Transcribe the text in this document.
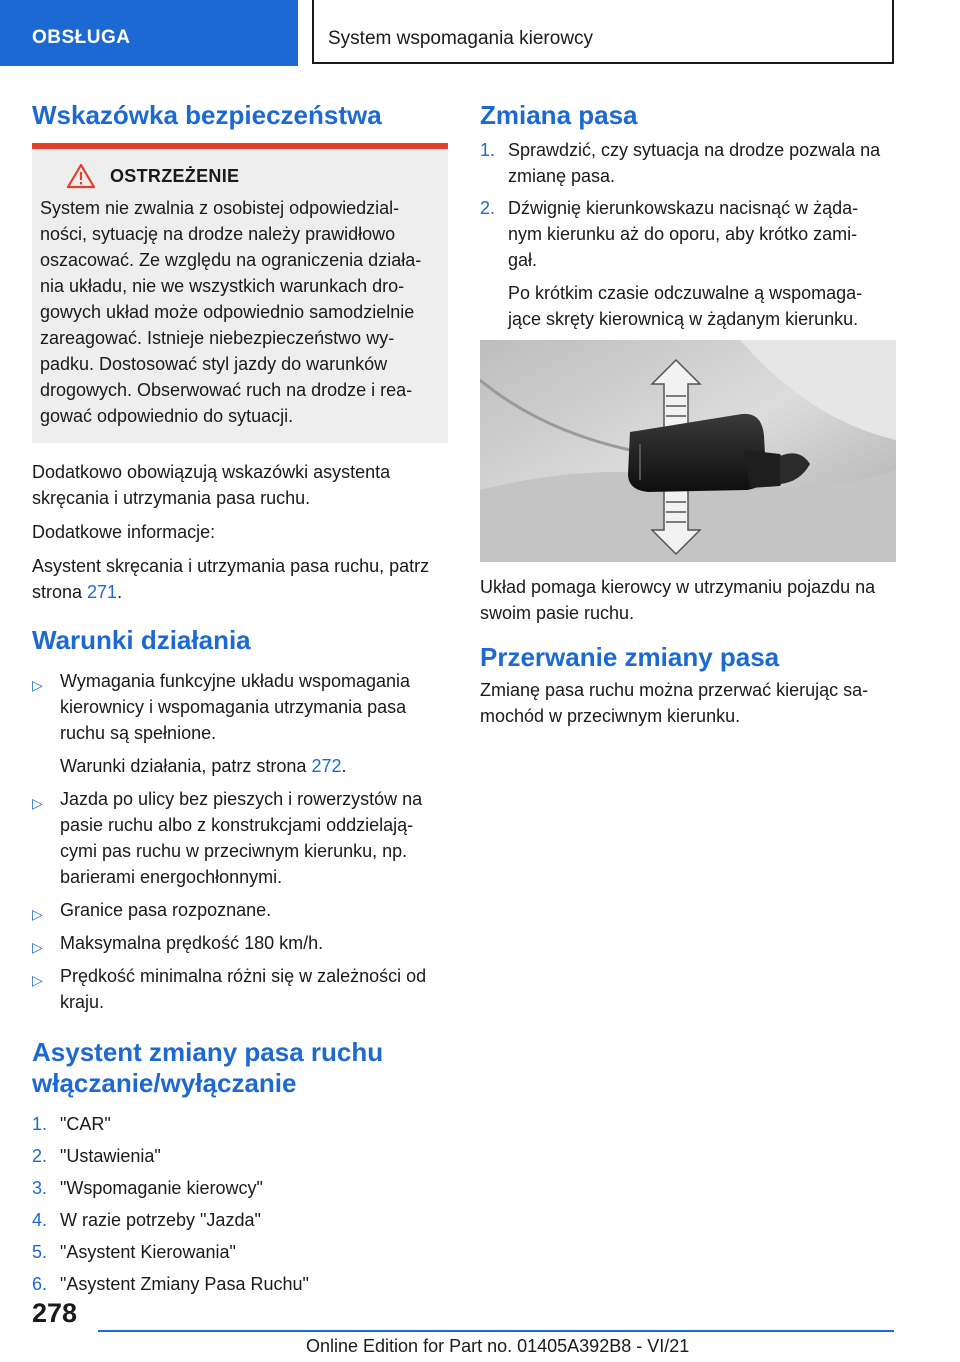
OBSŁUGA	System wspomagania kierowcy
Wskazówka bezpieczeństwa
OSTRZEŻENIE

System nie zwalnia z osobistej odpowiedzial-
ności, sytuację na drodze należy prawidłowo
oszacować. Ze względu na ograniczenia działa-
nia układu, nie we wszystkich warunkach dro-
gowych układ może odpowiednio samodzielnie
zareagować. Istnieje niebezpieczeństwo wy-
padku. Dostosować styl jazdy do warunków
drogowych. Obserwować ruch na drodze i rea-
gować odpowiednio do sytuacji.

Dodatkowo obowiązują wskazówki asystenta
skręcania i utrzymania pasa ruchu.

Dodatkowe informacje:

Asystent skręcania i utrzymania pasa ruchu, patrz
strona 271.

Warunki działania
▷ Wymagania funkcyjne układu wspomagania
kierownicy i wspomagania utrzymania pasa
ruchu są spełnione.
Warunki działania, patrz strona 272.
▷ Jazda po ulicy bez pieszych i rowerzystów na
pasie ruchu albo z konstrukcjami oddzielają-
cymi pas ruchu w przeciwnym kierunku, np.
barierami energochłonnymi.
▷ Granice pasa rozpoznane.
▷ Maksymalna prędkość 180 km/h.
▷ Prędkość minimalna różni się w zależności od
kraju.
Asystent zmiany pasa ruchu
włączanie/wyłączanie
1. "CAR"
2. "Ustawienia"
3. "Wspomaganie kierowcy"
4. W razie potrzeby "Jazda"
5. "Asystent Kierowania"
6. "Asystent Zmiany Pasa Ruchu"
Zmiana pasa
1. Sprawdzić, czy sytuacja na drodze pozwala na
zmianę pasa.
2. Dźwignię kierunkowskazu nacisnąć w żąda-
nym kierunku aż do oporu, aby krótko zami-
gał.
Po krótkim czasie odczuwalne ą wspomaga-
jące skręty kierownicą w żądanym kierunku.

Układ pomaga kierowcy w utrzymaniu pojazdu na
swoim pasie ruchu.

Przerwanie zmiany pasa

Zmianę pasa ruchu można przerwać kierując sa-
mochód w przeciwnym kierunku.

278
Online Edition for Part no. 01405A392B8 - VI/21
